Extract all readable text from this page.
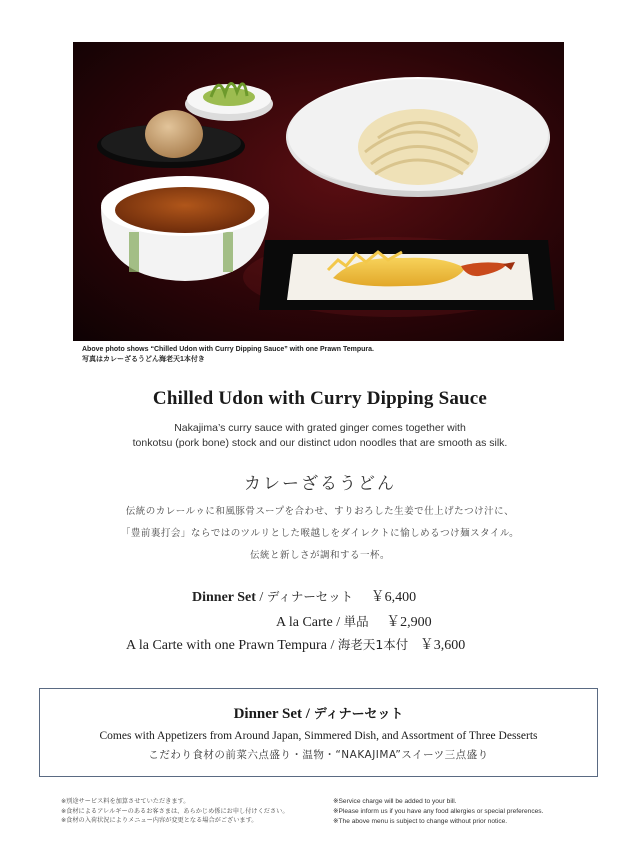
Above photo shows “Chilled Udon with Curry Dipping Sauce” with one Prawn Tempura.
写真はカレーざるうどん海老天1本付き
Chilled Udon with Curry Dipping Sauce
Nakajima’s curry sauce with grated ginger comes together with
tonkotsu (pork bone) stock and our distinct udon noodles that are smooth as silk.
カレーざるうどん
伝統のカレールゥに和風豚骨スープを合わせ、すりおろした生姜で仕上げたつけ汁に、
「豊前裏打会」ならではのツルリとした喉越しをダイレクトに愉しめるつけ麺スタイル。
伝統と新しさが調和する一杯。
Dinner Set / ディナーセット ￥6,400
A la Carte / 単品 ￥2,900
A la Carte with one Prawn Tempura / 海老天1本付 ￥3,600
Dinner Set / ディナーセット
Comes with Appetizers from Around Japan, Simmered Dish, and Assortment of Three Desserts
こだわり食材の前菜六点盛り・温物・“NAKAJIMA”スイーツ三点盛り
※別途サービス料を加算させていただきます。
※食材によるアレルギーのあるお客さまは、あらかじめ係にお申し付けください。
※食材の入荷状況によりメニュー内容が変更となる場合がございます。
※Service charge will be added to your bill.
※Please inform us if you have any food allergies or special preferences.
※The above menu is subject to change without prior notice.
